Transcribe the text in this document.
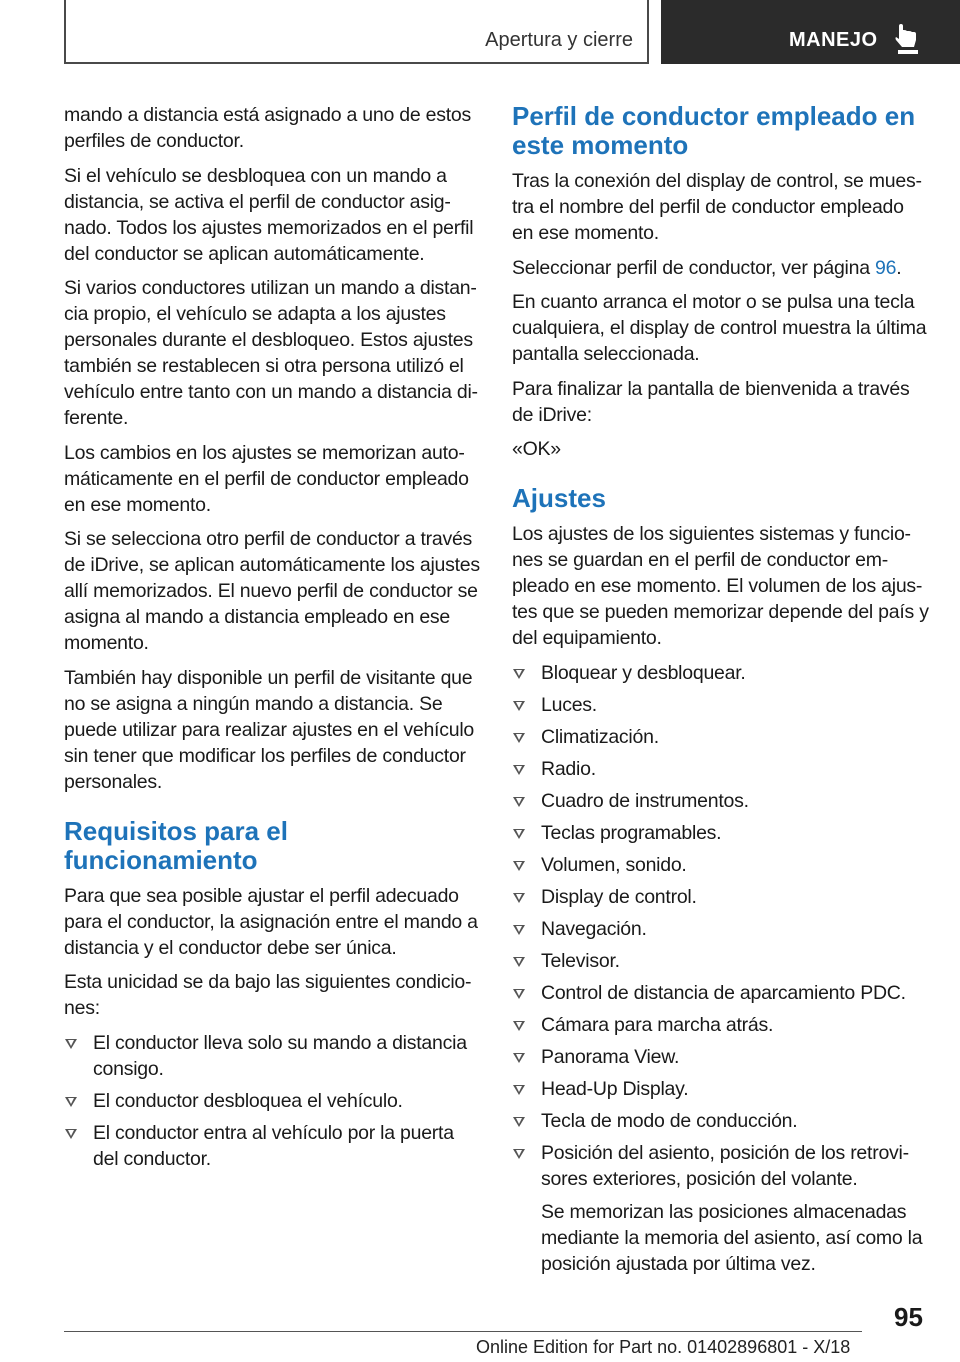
Apertura y cierre	MANEJO

mando a distancia está asignado a uno de estos perfiles de conductor.

Si el vehículo se desbloquea con un mando a distancia, se activa el perfil de conductor asignado. Todos los ajustes memorizados en el perfil del conductor se aplican automáticamente.

Si varios conductores utilizan un mando a distancia propio, el vehículo se adapta a los ajustes personales durante el desbloqueo. Estos ajustes también se restablecen si otra persona utilizó el vehículo entre tanto con un mando a distancia diferente.

Los cambios en los ajustes se memorizan automáticamente en el perfil de conductor empleado en ese momento.

Si se selecciona otro perfil de conductor a través de iDrive, se aplican automáticamente los ajustes allí memorizados. El nuevo perfil de conductor se asigna al mando a distancia empleado en ese momento.

También hay disponible un perfil de visitante que no se asigna a ningún mando a distancia. Se puede utilizar para realizar ajustes en el vehículo sin tener que modificar los perfiles de conductor personales.

Requisitos para el funcionamiento

Para que sea posible ajustar el perfil adecuado para el conductor, la asignación entre el mando a distancia y el conductor debe ser única.

Esta unicidad se da bajo las siguientes condiciones:

El conductor lleva solo su mando a distancia consigo.
El conductor desbloquea el vehículo.
El conductor entra al vehículo por la puerta del conductor.
Perfil de conductor empleado en este momento

Tras la conexión del display de control, se muestra el nombre del perfil de conductor empleado en ese momento.

Seleccionar perfil de conductor, ver página 96.

En cuanto arranca el motor o se pulsa una tecla cualquiera, el display de control muestra la última pantalla seleccionada.

Para finalizar la pantalla de bienvenida a través de iDrive:

«OK»

Ajustes

Los ajustes de los siguientes sistemas y funciones se guardan en el perfil de conductor empleado en ese momento. El volumen de los ajustes que se pueden memorizar depende del país y del equipamiento.

Bloquear y desbloquear.
Luces.
Climatización.
Radio.
Cuadro de instrumentos.
Teclas programables.
Volumen, sonido.
Display de control.
Navegación.
Televisor.
Control de distancia de aparcamiento PDC.
Cámara para marcha atrás.
Panorama View.
Head-Up Display.
Tecla de modo de conducción.
Posición del asiento, posición de los retrovisores exteriores, posición del volante.
Se memorizan las posiciones almacenadas mediante la memoria del asiento, así como la posición ajustada por última vez.
95
Online Edition for Part no. 01402896801 - X/18
